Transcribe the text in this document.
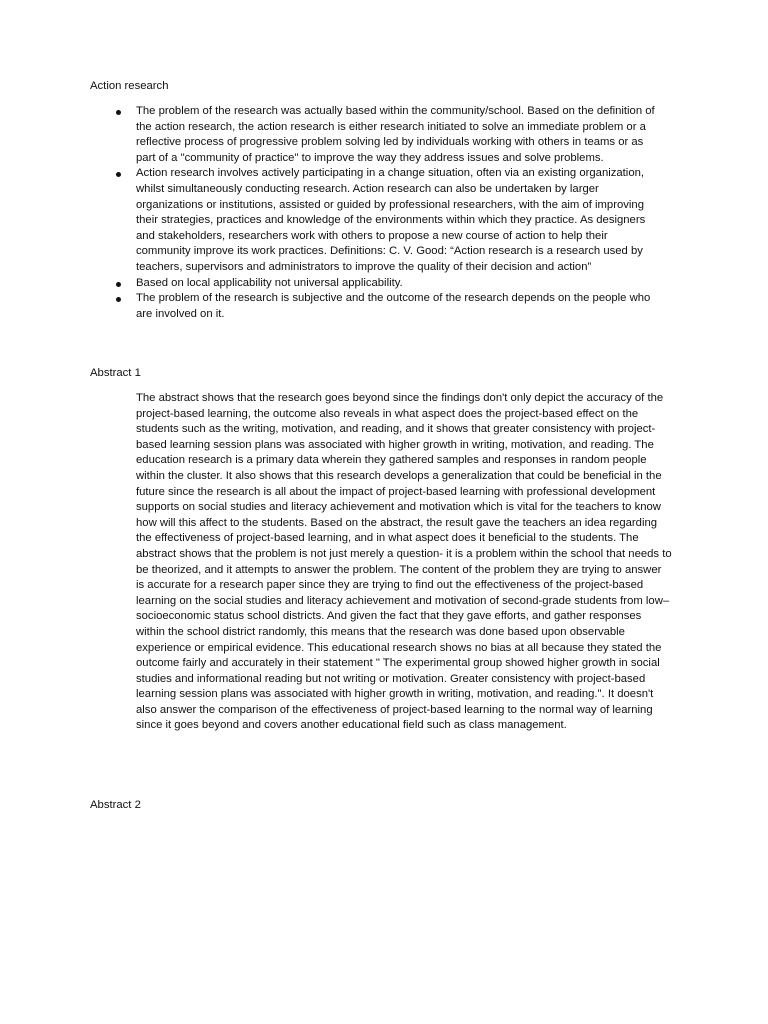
Action research
The problem of the research was actually based within the community/school. Based on the definition of the action research, the action research is either research initiated to solve an immediate problem or a reflective process of progressive problem solving led by individuals working with others in teams or as part of a "community of practice" to improve the way they address issues and solve problems.
Action research involves actively participating in a change situation, often via an existing organization, whilst simultaneously conducting research. Action research can also be undertaken by larger organizations or institutions, assisted or guided by professional researchers, with the aim of improving their strategies, practices and knowledge of the environments within which they practice. As designers and stakeholders, researchers work with others to propose a new course of action to help their community improve its work practices. Definitions: C. V. Good: “Action research is a research used by teachers, supervisors and administrators to improve the quality of their decision and action”
Based on local applicability not universal applicability.
The problem of the research is subjective and the outcome of the research depends on the people who are involved on it.
Abstract 1

The abstract shows that the research goes beyond since the findings don't only depict the accuracy of the project-based learning, the outcome also reveals in what aspect does the project-based effect on the students such as the writing, motivation, and reading, and it shows that greater consistency with project-based learning session plans was associated with higher growth in writing, motivation, and reading. The education research is a primary data wherein they gathered samples and responses in random people within the cluster. It also shows that this research develops a generalization that could be beneficial in the future since the research is all about the impact of project-based learning with professional development supports on social studies and literacy achievement and motivation which is vital for the teachers to know how will this affect to the students. Based on the abstract, the result gave the teachers an idea regarding the effectiveness of project-based learning, and in what aspect does it beneficial to the students. The abstract shows that the problem is not just merely a question- it is a problem within the school that needs to be theorized, and it attempts to answer the problem. The content of the problem they are trying to answer is accurate for a research paper since they are trying to find out the effectiveness of the project-based learning on the social studies and literacy achievement and motivation of second-grade students from low–socioeconomic status school districts. And given the fact that they gave efforts, and gather responses within the school district randomly, this means that the research was done based upon observable experience or empirical evidence. This educational research shows no bias at all because they stated the outcome fairly and accurately in their statement " The experimental group showed higher growth in social studies and informational reading but not writing or motivation. Greater consistency with project-based learning session plans was associated with higher growth in writing, motivation, and reading.". It doesn't also answer the comparison of the effectiveness of project-based learning to the normal way of learning since it goes beyond and covers another educational field such as class management.

Abstract 2
